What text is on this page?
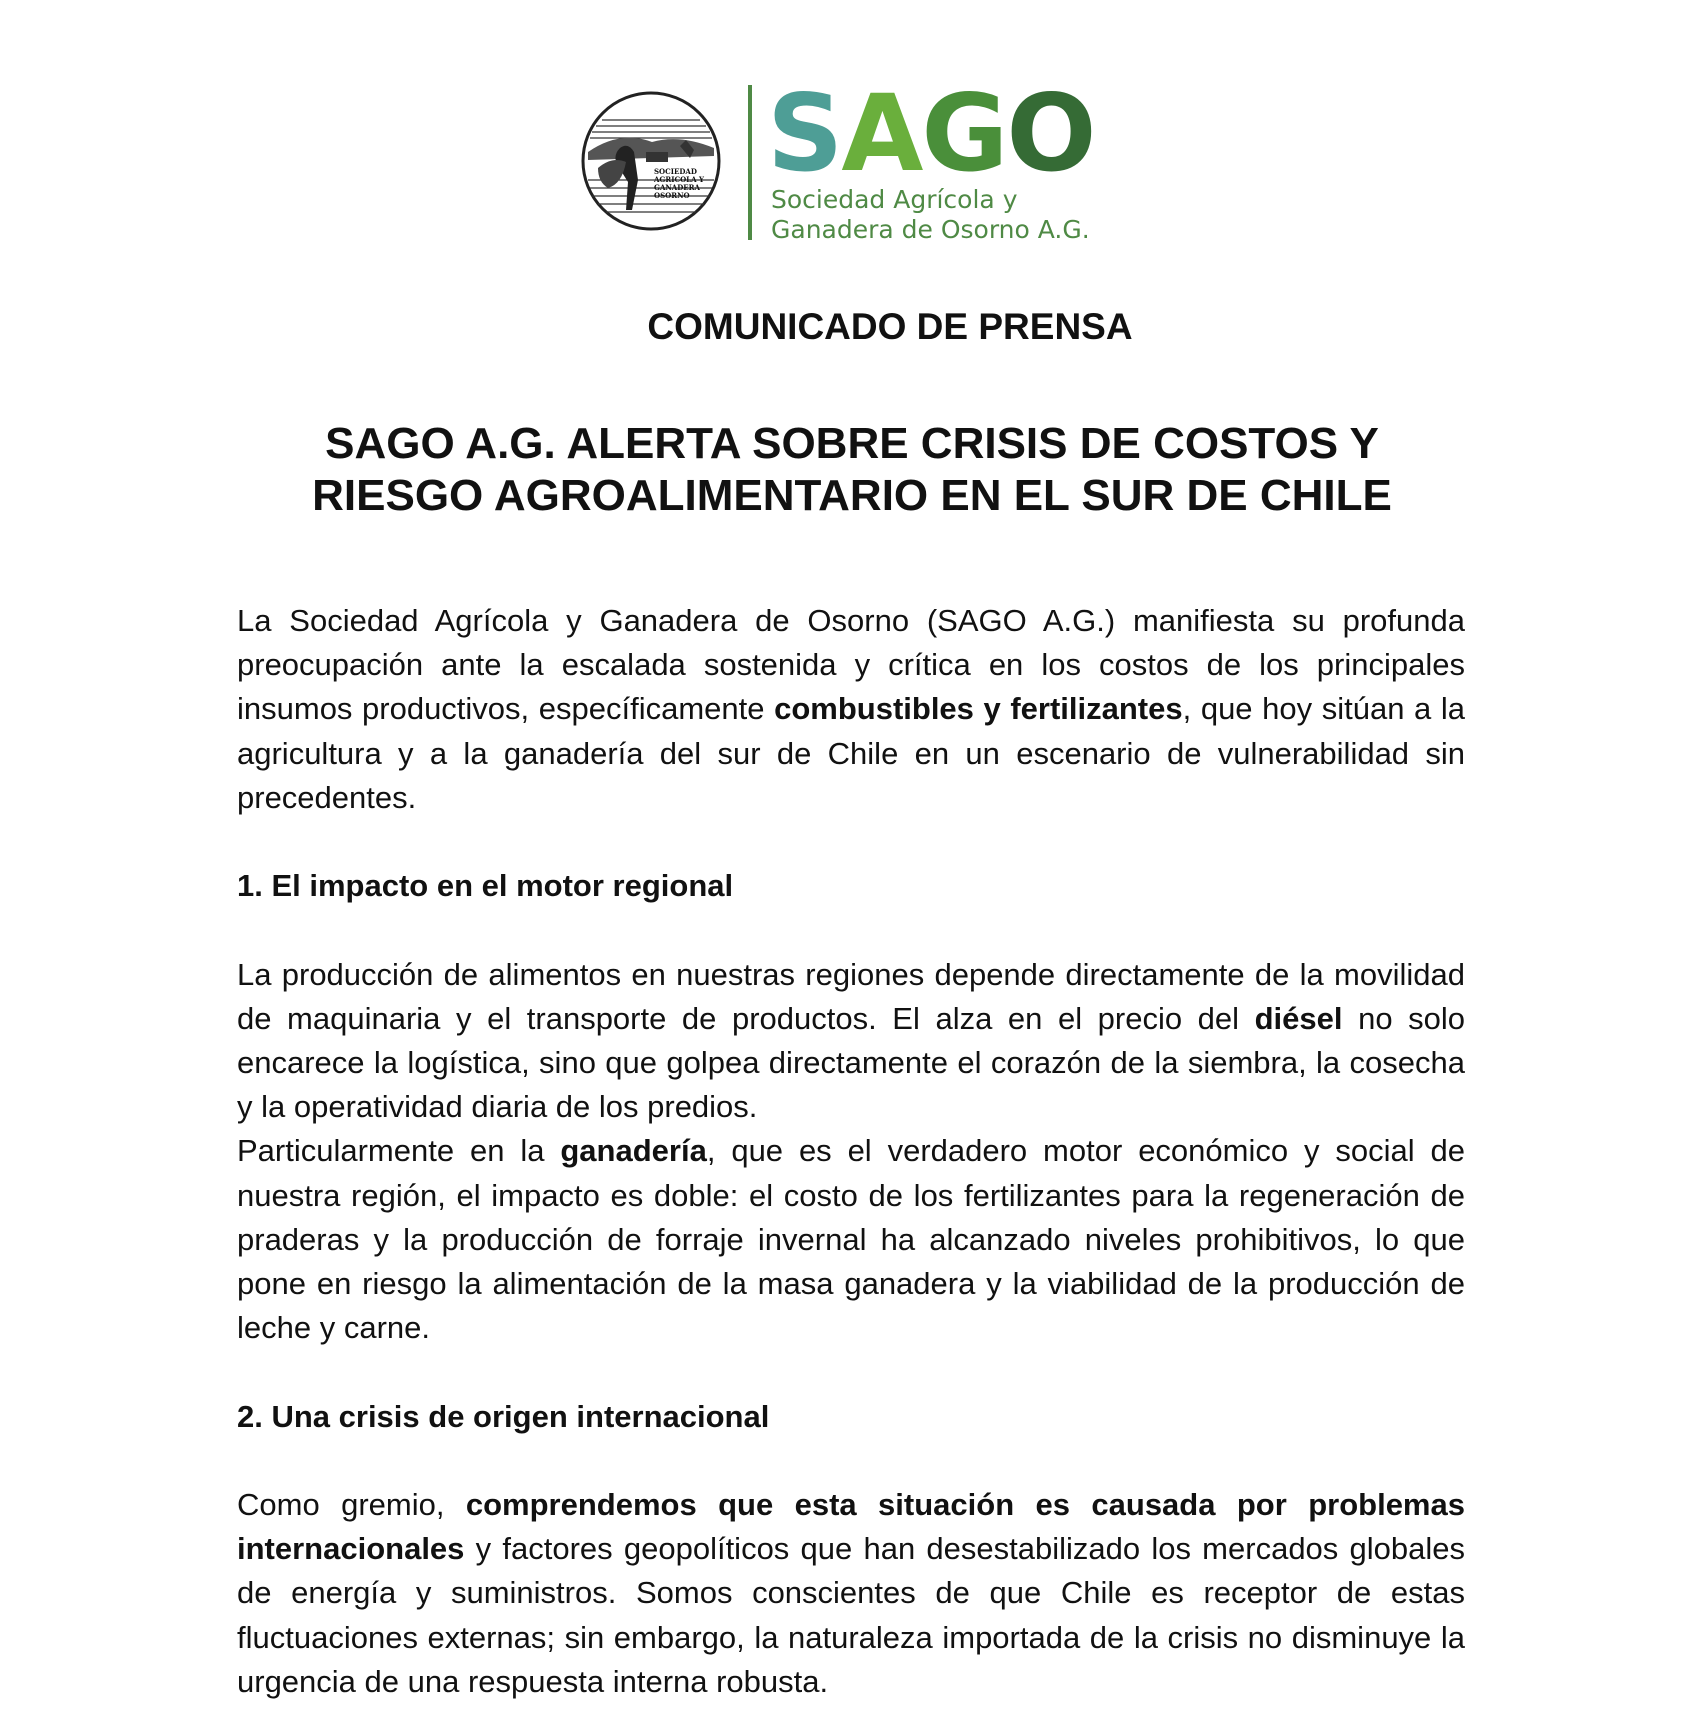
SOCIEDAD
AGRICOLA Y
GANADERA
OSORNO
SAGO
Sociedad Agrícola y
Ganadera de Osorno A.G.
COMUNICADO DE PRENSA
SAGO A.G. ALERTA SOBRE CRISIS DE COSTOS Y
RIESGO AGROALIMENTARIO EN EL SUR DE CHILE

La Sociedad Agrícola y Ganadera de Osorno (SAGO A.G.) manifiesta su profunda preocupación ante la escalada sostenida y crítica en los costos de los principales insumos productivos, específicamente combustibles y fertilizantes, que hoy sitúan a la agricultura y a la ganadería del sur de Chile en un escenario de vulnerabilidad sin precedentes.

1. El impacto en el motor regional

La producción de alimentos en nuestras regiones depende directamente de la movilidad de maquinaria y el transporte de productos. El alza en el precio del diésel no solo encarece la logística, sino que golpea directamente el corazón de la siembra, la cosecha y la operatividad diaria de los predios.

Particularmente en la ganadería, que es el verdadero motor económico y social de nuestra región, el impacto es doble: el costo de los fertilizantes para la regeneración de praderas y la producción de forraje invernal ha alcanzado niveles prohibitivos, lo que pone en riesgo la alimentación de la masa ganadera y la viabilidad de la producción de leche y carne.

2. Una crisis de origen internacional

Como gremio, comprendemos que esta situación es causada por problemas internacionales y factores geopolíticos que han desestabilizado los mercados globales de energía y suministros. Somos conscientes de que Chile es receptor de estas fluctuaciones externas; sin embargo, la naturaleza importada de la crisis no disminuye la urgencia de una respuesta interna robusta.
